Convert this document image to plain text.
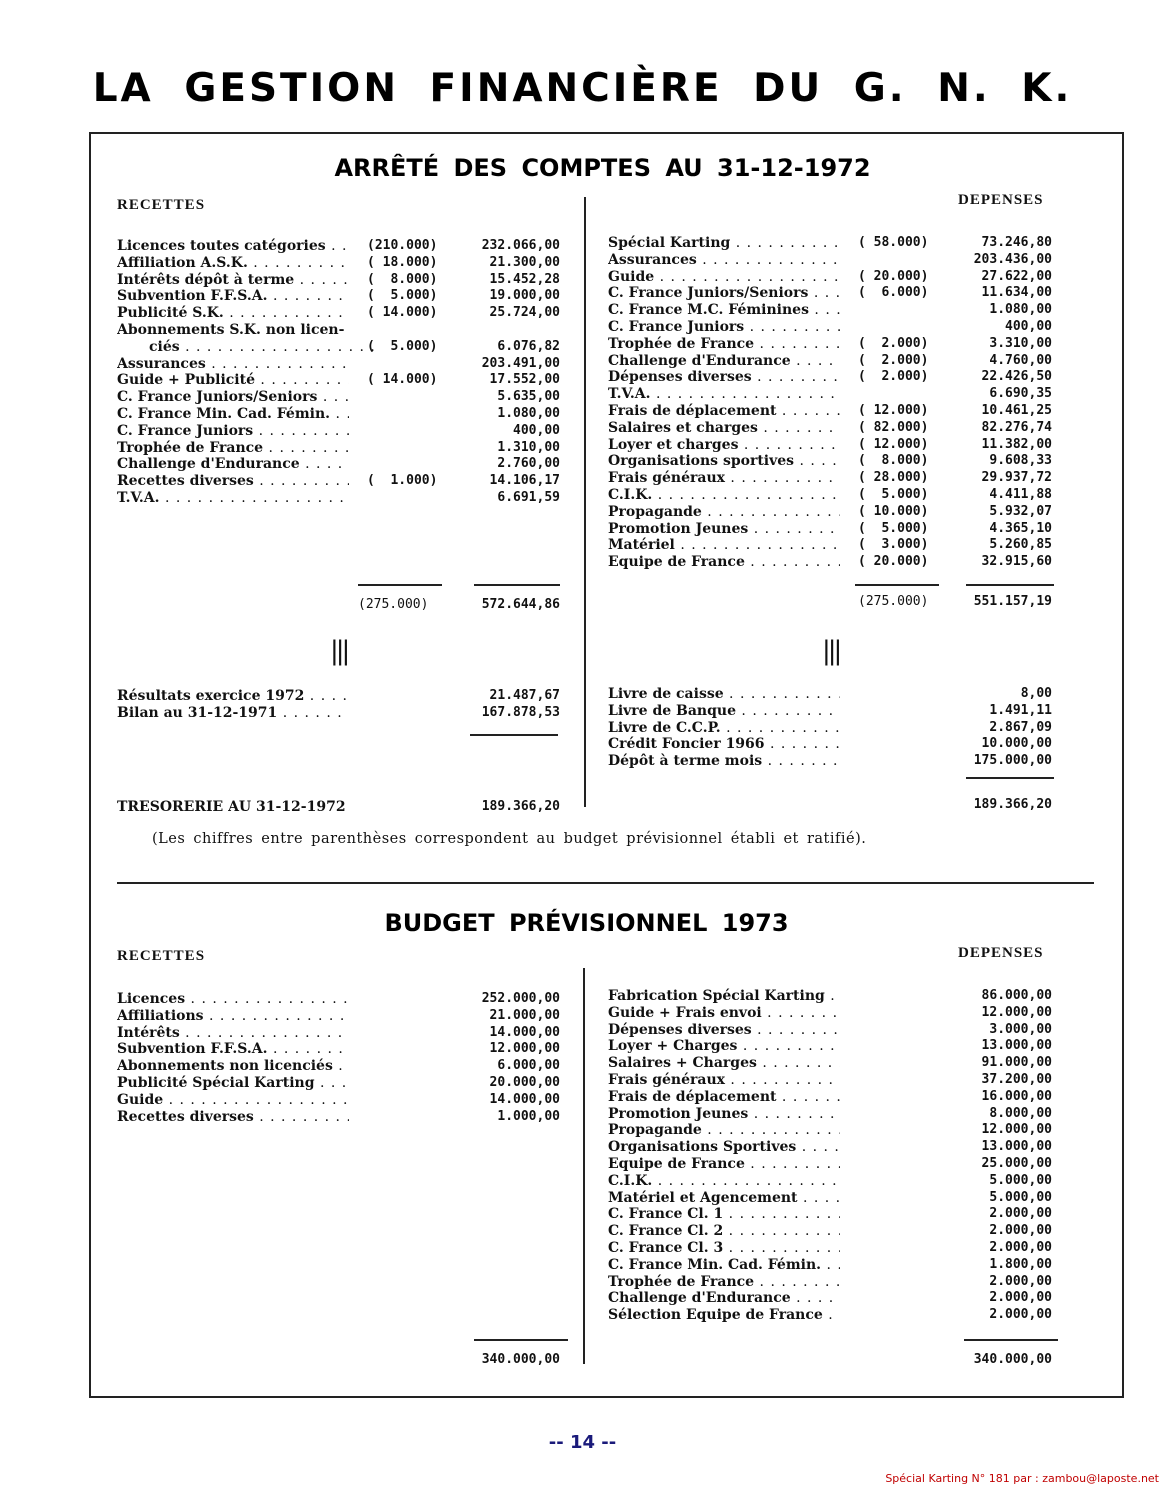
LA GESTION FINANCIÈRE DU G. N. K.
ARRÊTÉ DES COMPTES AU 31-12-1972
RECETTES	DEPENSES
Licences toutes catégories . . .	(210.000)	232.066,00
Affiliation A.S.K. . . .	( 18.000)	21.300,00
Intérêts dépôt à terme . . .	(  8.000)	15.452,28
Subvention F.F.S.A. . . .	(  5.000)	19.000,00
Publicité S.K. . . .	( 14.000)	25.724,00
Abonnements S.K. non licen-
ciés . . .	(  5.000)	6.076,82
Assurances . . .	203.491,00
Guide + Publicité . . .	( 14.000)	17.552,00
C. France Juniors/Seniors . . .	5.635,00
C. France Min. Cad. Fémin. . . .	1.080,00
C. France Juniors . . .	400,00
Trophée de France . . .	1.310,00
Challenge d'Endurance . . .	2.760,00
Recettes diverses . . .	(  1.000)	14.106,17
T.V.A. . . .	6.691,59
Spécial Karting . . .	( 58.000)	73.246,80
Assurances . . .	203.436,00
Guide . . .	( 20.000)	27.622,00
C. France Juniors/Seniors . . .	(  6.000)	11.634,00
C. France M.C. Féminines . . .	1.080,00
C. France Juniors . . .	400,00
Trophée de France . . .	(  2.000)	3.310,00
Challenge d'Endurance . . .	(  2.000)	4.760,00
Dépenses diverses . . .	(  2.000)	22.426,50
T.V.A. . . .	6.690,35
Frais de déplacement . . .	( 12.000)	10.461,25
Salaires et charges . . .	( 82.000)	82.276,74
Loyer et charges . . .	( 12.000)	11.382,00
Organisations sportives . . .	(  8.000)	9.608,33
Frais généraux . . .	( 28.000)	29.937,72
C.I.K. . . .	(  5.000)	4.411,88
Propagande . . .	( 10.000)	5.932,07
Promotion Jeunes . . .	(  5.000)	4.365,10
Matériel . . .	(  3.000)	5.260,85
Equipe de France . . .	( 20.000)	32.915,60
(275.000)	572.644,86	(275.000)	551.157,19
|||	|||
Résultats exercice 1972 . . .	21.487,67
Bilan au 31-12-1971 . . .	167.878,53
Livre de caisse . . .	8,00
Livre de Banque . . .	1.491,11
Livre de C.C.P. . . .	2.867,09
Crédit Foncier 1966 . . .	10.000,00
Dépôt à terme mois . . .	175.000,00
TRESORERIE AU 31-12-1972	189.366,20	189.366,20
(Les chiffres entre parenthèses correspondent au budget prévisionnel établi et ratifié).
BUDGET PRÉVISIONNEL 1973
RECETTES	DEPENSES
Licences . . .	252.000,00
Affiliations . . .	21.000,00
Intérêts . . .	14.000,00
Subvention F.F.S.A. . . .	12.000,00
Abonnements non licenciés . . .	6.000,00
Publicité Spécial Karting . . .	20.000,00
Guide . . .	14.000,00
Recettes diverses . . .	1.000,00
Fabrication Spécial Karting . . .	86.000,00
Guide + Frais envoi . . .	12.000,00
Dépenses diverses . . .	3.000,00
Loyer + Charges . . .	13.000,00
Salaires + Charges . . .	91.000,00
Frais généraux . . .	37.200,00
Frais de déplacement . . .	16.000,00
Promotion Jeunes . . .	8.000,00
Propagande . . .	12.000,00
Organisations Sportives . . .	13.000,00
Equipe de France . . .	25.000,00
C.I.K. . . .	5.000,00
Matériel et Agencement . . .	5.000,00
C. France Cl. 1 . . .	2.000,00
C. France Cl. 2 . . .	2.000,00
C. France Cl. 3 . . .	2.000,00
C. France Min. Cad. Fémin. . . .	1.800,00
Trophée de France . . .	2.000,00
Challenge d'Endurance . . .	2.000,00
Sélection Equipe de France . . .	2.000,00
340.000,00	340.000,00
-- 14 --
Spécial Karting N° 181 par : zambou@laposte.net
